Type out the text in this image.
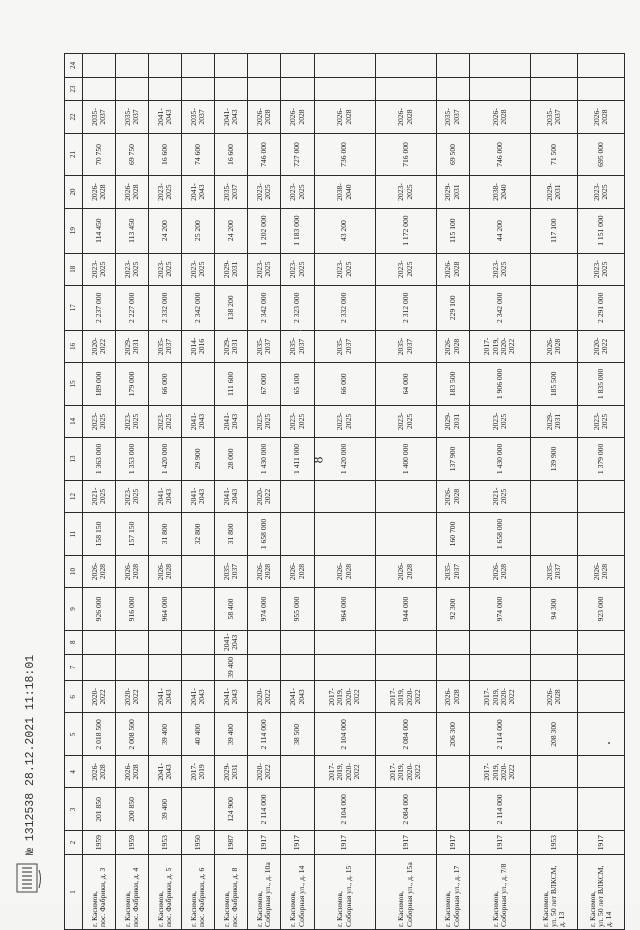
1	2	3	4	5	6	7	8	9	10	11	12	13	14	15	16	17	18	19	20	21	22	23	24
г. Касимов,
пос. Фабрики, д. 3	1959	201 850	2026-
2028	2 018 500	2020-
2022			926 000	2026-
2028	158 150	2021-
2025	1 363 000	2023-
2025	189 000	2020-
2022	2 237 000	2023-
2025	114 450	2026-
2028	70 750	2035-
2037		
г. Касимов,
пос. Фабрики, д. 4	1959	200 850	2026-
2028	2 008 500	2020-
2022			916 000	2026-
2028	157 150	2023-
2025	1 353 000	2023-
2025	179 000	2029-
2031	2 227 000	2023-
2025	113 450	2026-
2028	69 750	2035-
2037		
г. Касимов,
пос. Фабрики, д. 5	1953	39 400	2041-
2043	39 400	2041-
2043			964 000	2026-
2028	31 800	2041-
2043	1 420 000	2023-
2025	66 000	2035-
2037	2 332 000	2023-
2025	24 200	2023-
2025	16 600	2041-
2043		
г. Касимов,
пос. Фабрики, д. 6	1950		2017-
2019	40 400	2041-
2043					32 800	2041-
2043	29 900	2041-
2043		2014-
2016	2 342 000	2023-
2025	25 200	2041-
2043	74 600	2035-
2037		
г. Касимов,
пос. Фабрики, д. 8	1987	124 900	2029-
2031	39 400	2041-
2043	39 400	2041-
2043	58 400	2035-
2037	31 800	2041-
2043	28 000	2041-
2043	111 600	2029-
2031	138 200	2029-
2031	24 200	2035-
2037	16 600	2041-
2043		
г. Касимов,
Соборная ул., д. 10а	1917	2 114 000	2020-
2022	2 114 000	2020-
2022			974 000	2026-
2028	1 658 000	2020-
2022	1 430 000	2023-
2025	67 000	2035-
2037	2 342 000	2023-
2025	1 202 000	2023-
2025	746 000	2026-
2028		
г. Касимов,
Соборная ул., д. 14	1917			38 500	2041-
2043			955 000	2026-
2028			1 411 000	2023-
2025	65 100	2035-
2037	2 323 000	2023-
2025	1 183 000	2023-
2025	727 000	2026-
2028		
г. Касимов,
Соборная ул., д. 15	1917	2 104 000	2017-
2019,
2020-
2022	2 104 000	2017-
2019,
2020-
2022			964 000	2026-
2028			1 420 000	2023-
2025	66 000	2035-
2037	2 332 000	2023-
2025	43 200	2038-
2040	736 000	2026-
2028		
г. Касимов,
Соборная ул., д. 15а	1917	2 084 000	2017-
2019,
2020-
2022	2 084 000	2017-
2019,
2020-
2022			944 000	2026-
2028			1 400 000	2023-
2025	64 000	2035-
2037	2 312 000	2023-
2025	1 172 000	2023-
2025	716 000	2026-
2028		
г. Касимов,
Соборная ул., д. 17	1917			206 300	2026-
2028			92 300	2035-
2037	160 700	2026-
2028	137 900	2029-
2031	183 500	2026-
2028	229 100	2026-
2028	115 100	2029-
2031	69 500	2035-
2037		
г. Касимов,
Соборная ул., д. 7/8	1917	2 114 000	2017-
2019,
2020-
2022	2 114 000	2017-
2019,
2020-
2022			974 000	2026-
2028	1 658 000	2021-
2025	1 430 000	2023-
2025	1 906 000	2017-
2019,
2020-
2022	2 342 000	2023-
2025	44 200	2038-
2040	746 000	2026-
2028		
г. Касимов,
ул. 50 лет ВЛКСМ,
д. 13	1953			208 300	2026-
2028			94 300	2035-
2037			139 900	2029-
2031	185 500	2026-
2028			117 100	2029-
2031	71 500	2035-
2037		
г. Касимов,
ул. 50 лет ВЛКСМ,
д. 14	1917							923 000	2026-
2028			1 379 000	2023-
2025	1 835 000	2020-
2022	2 291 000	2023-
2025	1 151 000	2023-
2025	695 000	2026-
2028		
8
№ 1312538 28.12.2021 11:18:01
